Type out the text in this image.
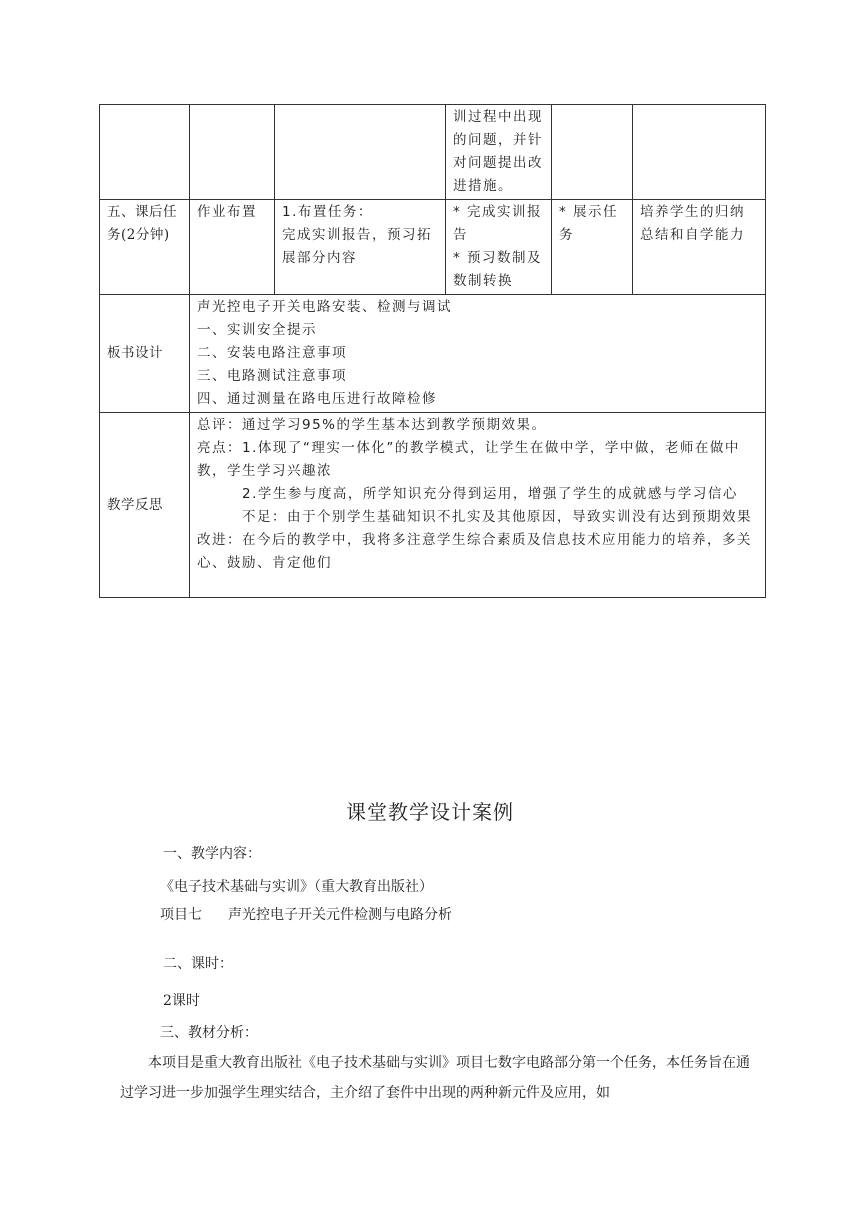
			训过程中出现
的问题，并针
对问题提出改
进措施。		

五、课后任务(2分钟)	作业布置	1.布置任务：
完成实训报告，预习拓
展部分内容	* 完成实训报
告
* 预习数制及
数制转换	* 展示任务	培养学生的归纳总结和自学能力
板书设计	声光控电子开关电路安装、检测与调试
一、实训安全提示
二、安装电路注意事项
三、电路测试注意事项
四、通过测量在路电压进行故障检修				

教学反思	总评：通过学习95%的学生基本达到教学预期效果。
亮点：1.体现了“理实一体化”的教学模式，让学生在做中学，学中做，老师在做中教，学生学习兴趣浓
2.学生参与度高，所学知识充分得到运用，增强了学生的成就感与学习信心
不足：由于个别学生基础知识不扎实及其他原因，导致实训没有达到预期效果
改进：在今后的教学中，我将多注意学生综合素质及信息技术应用能力的培养，多关心、鼓励、肯定他们				
课堂教学设计案例
一、教学内容：
《电子技术基础与实训》（重大教育出版社）
项目七 声光控电子开关元件检测与电路分析
二、课时：
2课时
三、教材分析：
本项目是重大教育出版社《电子技术基础与实训》项目七数字电路部分第一个任务，本任务旨在通过学习进一步加强学生理实结合，主介绍了套件中出现的两种新元件及应用，如
